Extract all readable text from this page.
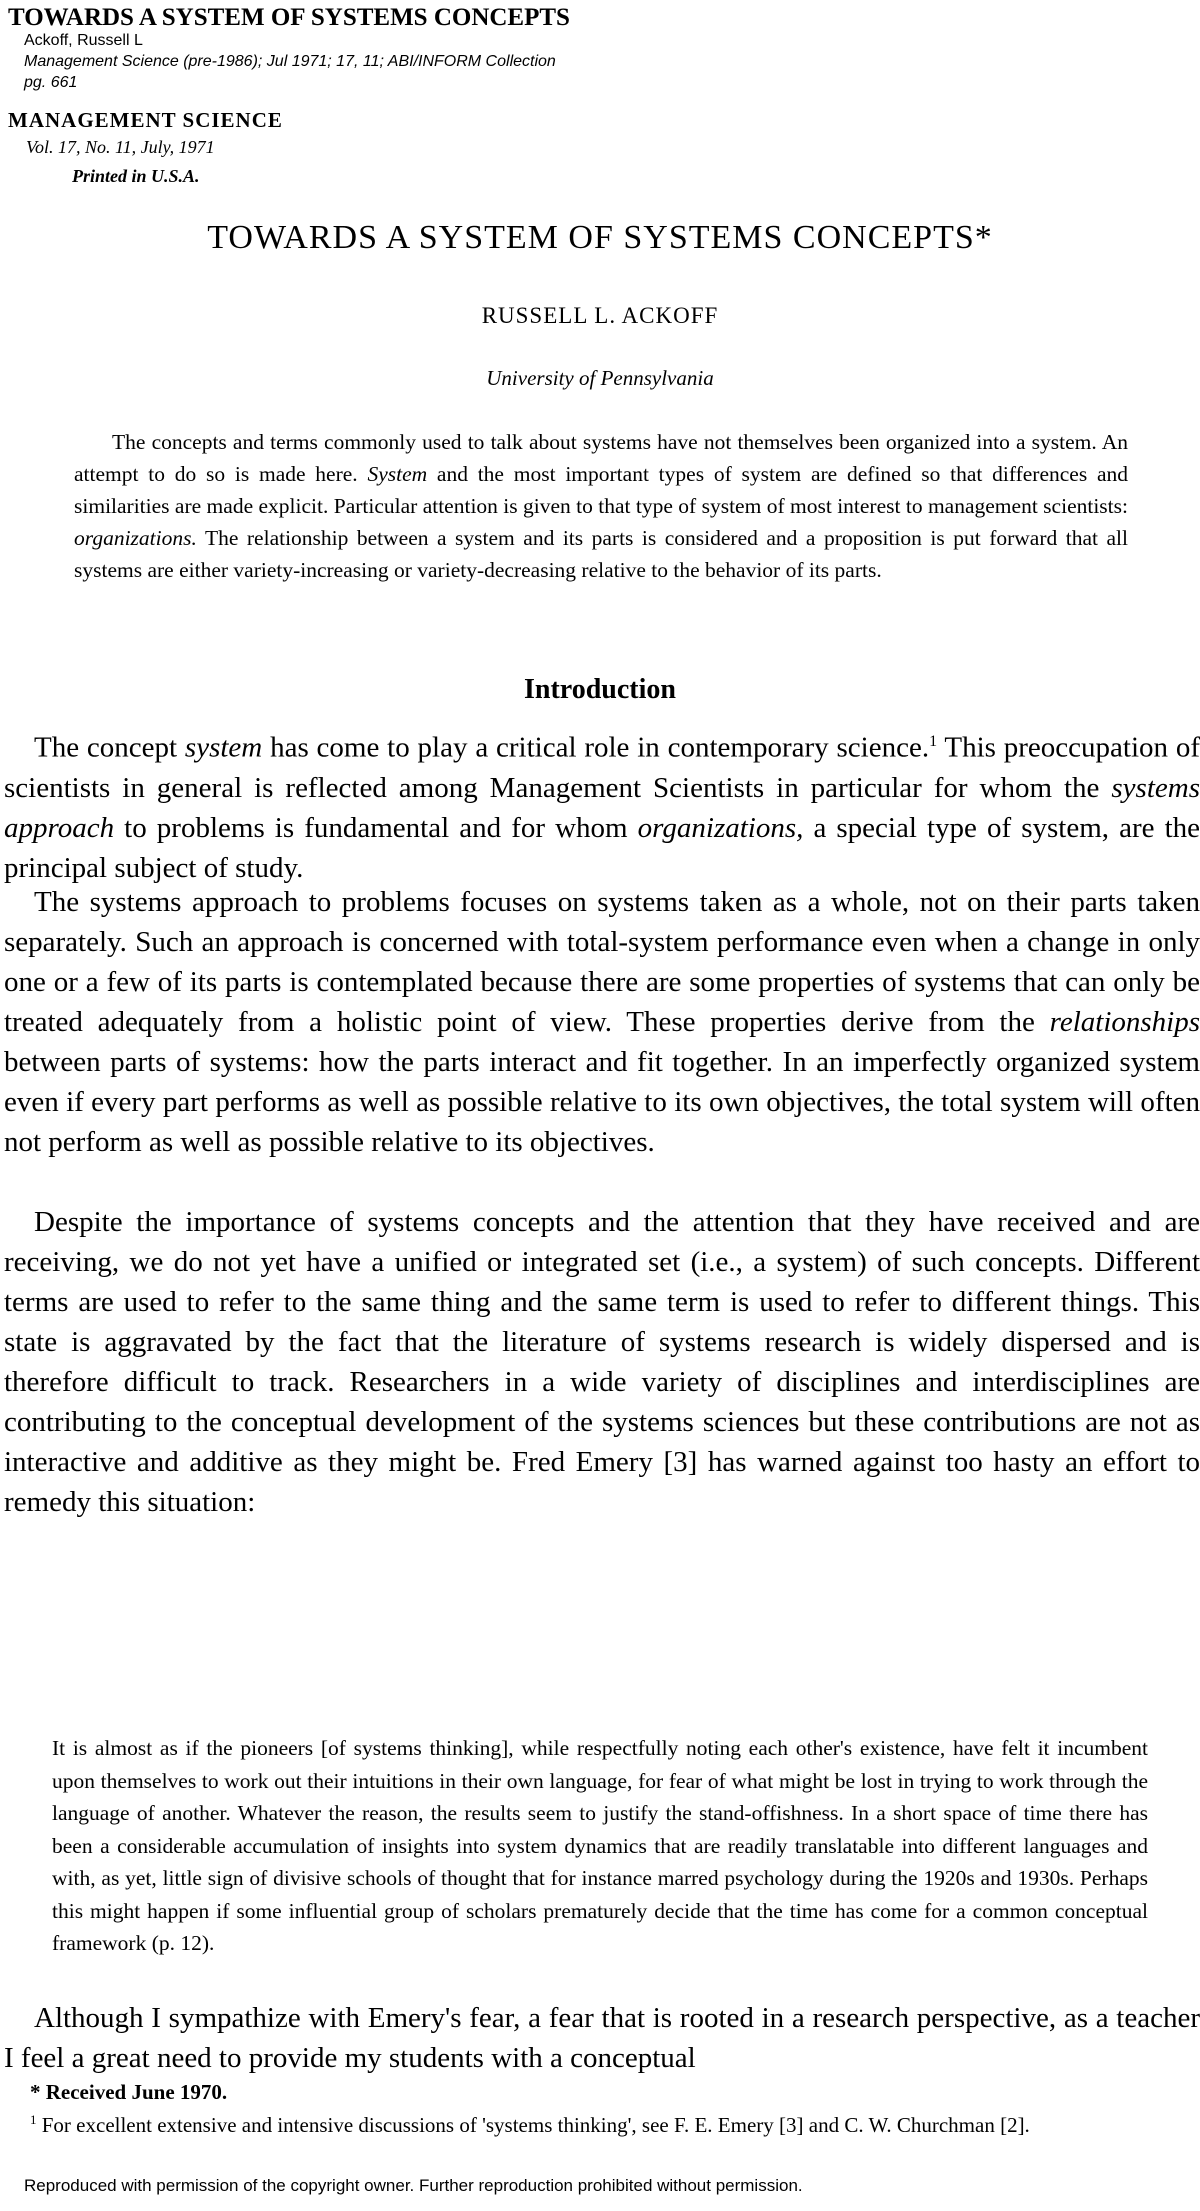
TOWARDS A SYSTEM OF SYSTEMS CONCEPTS
Ackoff, Russell L
Management Science (pre-1986); Jul 1971; 17, 11; ABI/INFORM Collection
pg. 661
MANAGEMENT SCIENCE
Vol. 17, No. 11, July, 1971
Printed in U.S.A.
TOWARDS A SYSTEM OF SYSTEMS CONCEPTS*
RUSSELL L. ACKOFF
University of Pennsylvania

The concepts and terms commonly used to talk about systems have not themselves been organized into a system. An attempt to do so is made here. System and the most important types of system are defined so that differences and similarities are made explicit. Particular attention is given to that type of system of most interest to management scientists: organizations. The relationship between a system and its parts is considered and a proposition is put forward that all systems are either variety-increasing or variety-decreasing relative to the behavior of its parts.

Introduction

The concept system has come to play a critical role in contemporary science.$^1$ This preoccupation of scientists in general is reflected among Management Scientists in particular for whom the systems approach to problems is fundamental and for whom organizations, a special type of system, are the principal subject of study.

The systems approach to problems focuses on systems taken as a whole, not on their parts taken separately. Such an approach is concerned with total-system performance even when a change in only one or a few of its parts is contemplated because there are some properties of systems that can only be treated adequately from a holistic point of view. These properties derive from the relationships between parts of systems: how the parts interact and fit together. In an imperfectly organized system even if every part performs as well as possible relative to its own objectives, the total system will often not perform as well as possible relative to its objectives.

Despite the importance of systems concepts and the attention that they have received and are receiving, we do not yet have a unified or integrated set (i.e., a system) of such concepts. Different terms are used to refer to the same thing and the same term is used to refer to different things. This state is aggravated by the fact that the literature of systems research is widely dispersed and is therefore difficult to track. Researchers in a wide variety of disciplines and interdisciplines are contributing to the conceptual development of the systems sciences but these contributions are not as interactive and additive as they might be. Fred Emery [3] has warned against too hasty an effort to remedy this situation:

It is almost as if the pioneers [of systems thinking], while respectfully noting each other's existence, have felt it incumbent upon themselves to work out their intuitions in their own language, for fear of what might be lost in trying to work through the language of another. Whatever the reason, the results seem to justify the stand-offishness. In a short space of time there has been a considerable accumulation of insights into system dynamics that are readily translatable into different languages and with, as yet, little sign of divisive schools of thought that for instance marred psychology during the 1920s and 1930s. Perhaps this might happen if some influential group of scholars prematurely decide that the time has come for a common conceptual framework (p. 12).

Although I sympathize with Emery's fear, a fear that is rooted in a research perspective, as a teacher I feel a great need to provide my students with a conceptual

* Received June 1970.

$^1$ For excellent extensive and intensive discussions of 'systems thinking', see F. E. Emery [3] and C. W. Churchman [2].

Reproduced with permission of the copyright owner. Further reproduction prohibited without permission.
